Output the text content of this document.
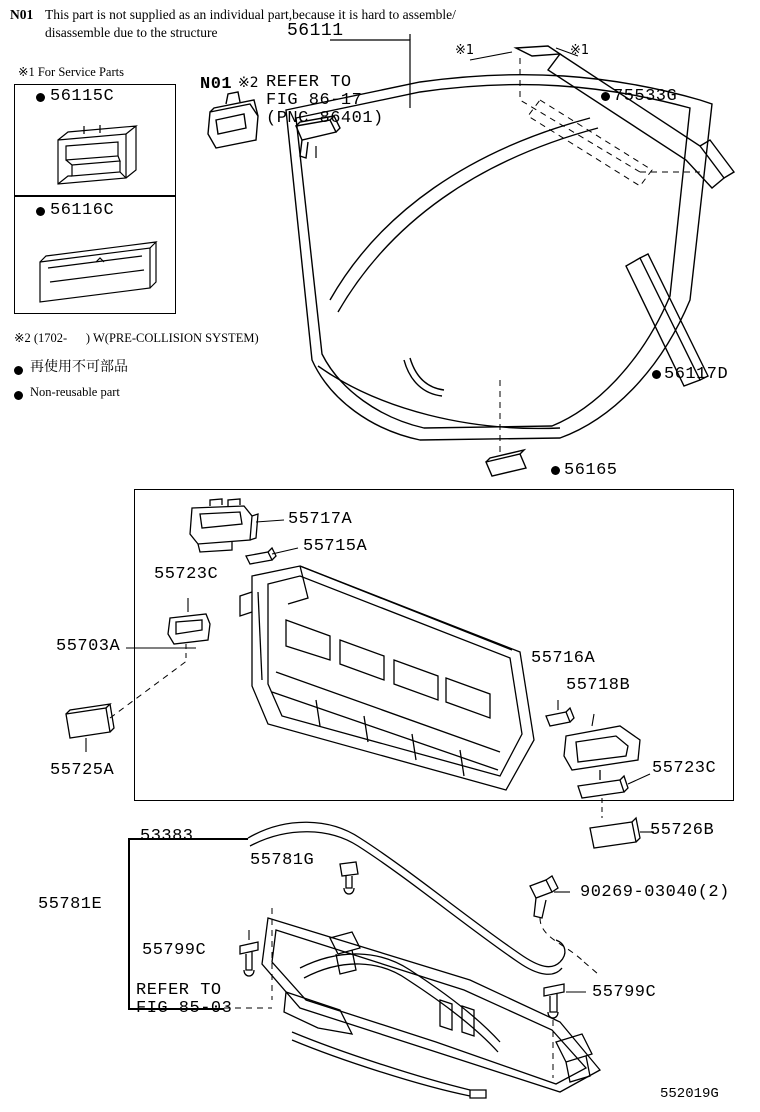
N01 This part is not supplied as an individual part,because it is hard to assemble/
disassemble due to the structure
※1 For Service Parts
56115C
56116C
※2 (1702-      ) W(PRE-COLLISION SYSTEM)
再使用不可部品
Non-reusable part
56111
N01 ※2 REFER TO
FIG 86-17
(PNC 86401)
※1	※1
75533G
56117D
56165
55717A
55715A
55723C
55703A
55725A
55716A
55718B
55723C
55726B
53383
55781G
55781E
55799C
55799C
90269-03040(2)
REFER TO
FIG 85-03
552019G
